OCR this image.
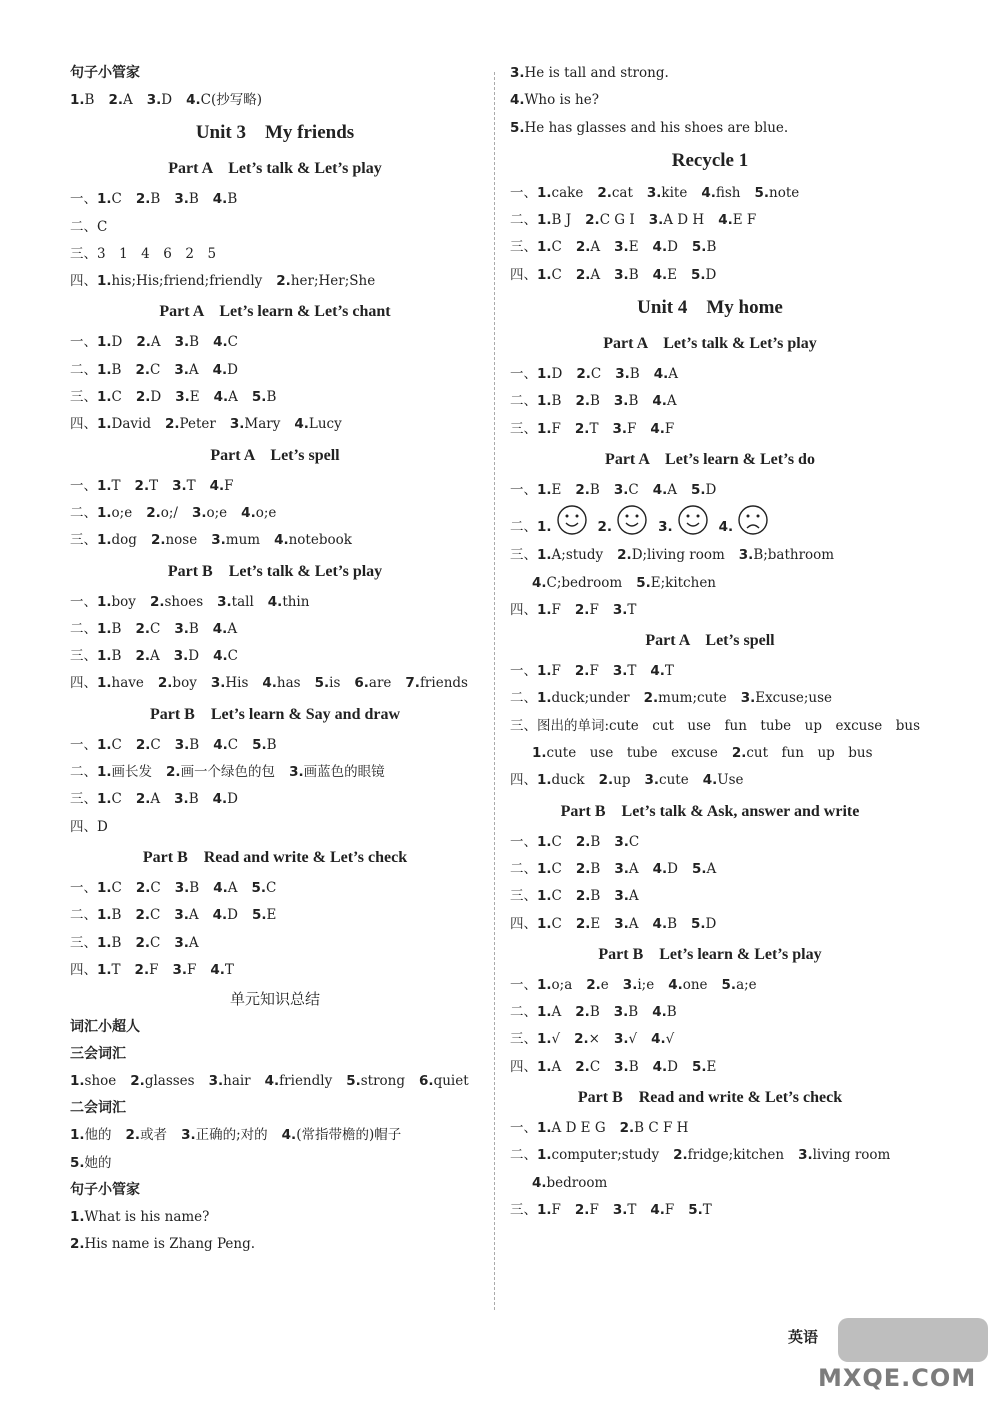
句子小管家
1.B 2.A 3.D 4.C(抄写略)
Unit 3　My friends
Part A　Let’s talk & Let’s play
一、1.C 2.B 3.B 4.B
二、C
三、3　1　4　6　2　5
四、1.his;His;friend;friendly 2.her;Her;She
Part A　Let’s learn & Let’s chant
一、1.D 2.A 3.B 4.C
二、1.B 2.C 3.A 4.D
三、1.C 2.D 3.E 4.A 5.B
四、1.David 2.Peter 3.Mary 4.Lucy
Part A　Let’s spell
一、1.T 2.T 3.T 4.F
二、1.o;e 2.o;/ 3.o;e 4.o;e
三、1.dog 2.nose 3.mum 4.notebook
Part B　Let’s talk & Let’s play
一、1.boy 2.shoes 3.tall 4.thin
二、1.B 2.C 3.B 4.A
三、1.B 2.A 3.D 4.C
四、1.have 2.boy 3.His 4.has 5.is 6.are 7.friends
Part B　Let’s learn & Say and draw
一、1.C 2.C 3.B 4.C 5.B
二、1.画长发 2.画一个绿色的包 3.画蓝色的眼镜
三、1.C 2.A 3.B 4.D
四、D
Part B　Read and write & Let’s check
一、1.C 2.C 3.B 4.A 5.C
二、1.B 2.C 3.A 4.D 5.E
三、1.B 2.C 3.A
四、1.T 2.F 3.F 4.T
单元知识总结
词汇小超人
三会词汇
1.shoe 2.glasses 3.hair 4.friendly 5.strong 6.quiet
二会词汇
1.他的 2.或者 3.正确的;对的 4.(常指带檐的)帽子
5.她的
句子小管家
1.What is his name?
2.His name is Zhang Peng.
3.He is tall and strong.
4.Who is he?
5.He has glasses and his shoes are blue.
Recycle 1
一、1.cake 2.cat 3.kite 4.fish 5.note
二、1.B J 2.C G I 3.A D H 4.E F
三、1.C 2.A 3.E 4.D 5.B
四、1.C 2.A 3.B 4.E 5.D
Unit 4　My home
Part A　Let’s talk & Let’s play
一、1.D 2.C 3.B 4.A
二、1.B 2.B 3.B 4.A
三、1.F 2.T 3.F 4.F
Part A　Let’s learn & Let’s do
一、1.E 2.B 3.C 4.A 5.D
二、1.	2.	3.	4.
三、1.A;study 2.D;living room 3.B;bathroom
4.C;bedroom 5.E;kitchen
四、1.F 2.F 3.T
Part A　Let’s spell
一、1.F 2.F 3.T 4.T
二、1.duck;under 2.mum;cute 3.Excuse;use
三、图出的单词:cute　cut　use　fun　tube　up　excuse　bus
1.cute　use　tube　excuse 2.cut　fun　up　bus
四、1.duck 2.up 3.cute 4.Use
Part B　Let’s talk & Ask, answer and write
一、1.C 2.B 3.C
二、1.C 2.B 3.A 4.D 5.A
三、1.C 2.B 3.A
四、1.C 2.E 3.A 4.B 5.D
Part B　Let’s learn & Let’s play
一、1.o;a 2.e 3.i;e 4.one 5.a;e
二、1.A 2.B 3.B 4.B
三、1.√ 2.× 3.√ 4.√
四、1.A 2.C 3.B 4.D 5.E
Part B　Read and write & Let’s check
一、1.A D E G 2.B C F H
二、1.computer;study 2.fridge;kitchen 3.living room
4.bedroom
三、1.F 2.F 3.T 4.F 5.T
英语
MXQE.COM
